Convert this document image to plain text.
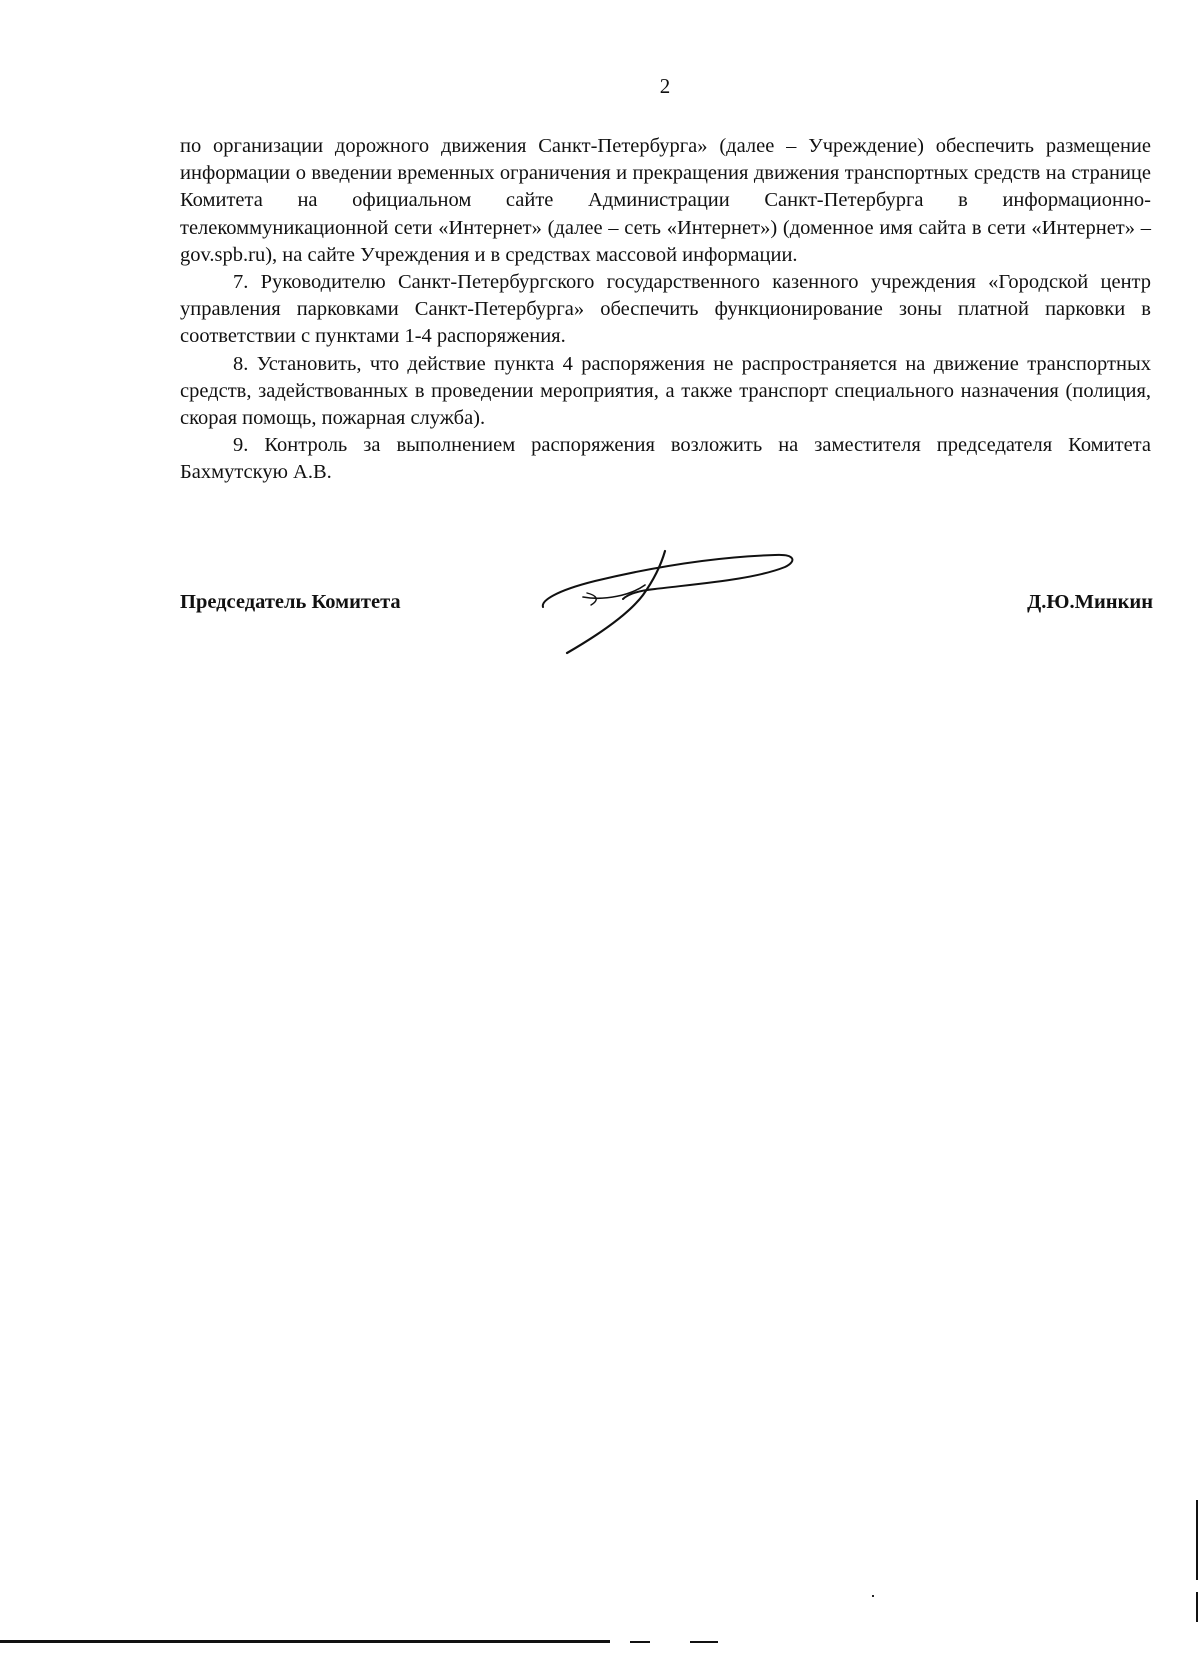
2

по организации дорожного движения Санкт-Петербурга» (далее – Учреждение) обеспечить размещение информации о введении временных ограничения и прекращения движения транспортных средств на странице Комитета на официальном сайте Администрации Санкт-Петербурга в информационно-телекоммуникационной сети «Интернет» (далее – сеть «Интернет») (доменное имя сайта в сети «Интернет» – gov.spb.ru), на сайте Учреждения и в средствах массовой информации.

7. Руководителю Санкт-Петербургского государственного казенного учреждения «Городской центр управления парковками Санкт-Петербурга» обеспечить функционирование зоны платной парковки в соответствии с пунктами 1-4 распоряжения.

8. Установить, что действие пункта 4 распоряжения не распространяется на движение транспортных средств, задействованных в проведении мероприятия, а также транспорт специального назначения (полиция, скорая помощь, пожарная служба).

9. Контроль за выполнением распоряжения возложить на заместителя председателя Комитета Бахмутскую А.В.

Председатель Комитета	Д.Ю.Минкин
